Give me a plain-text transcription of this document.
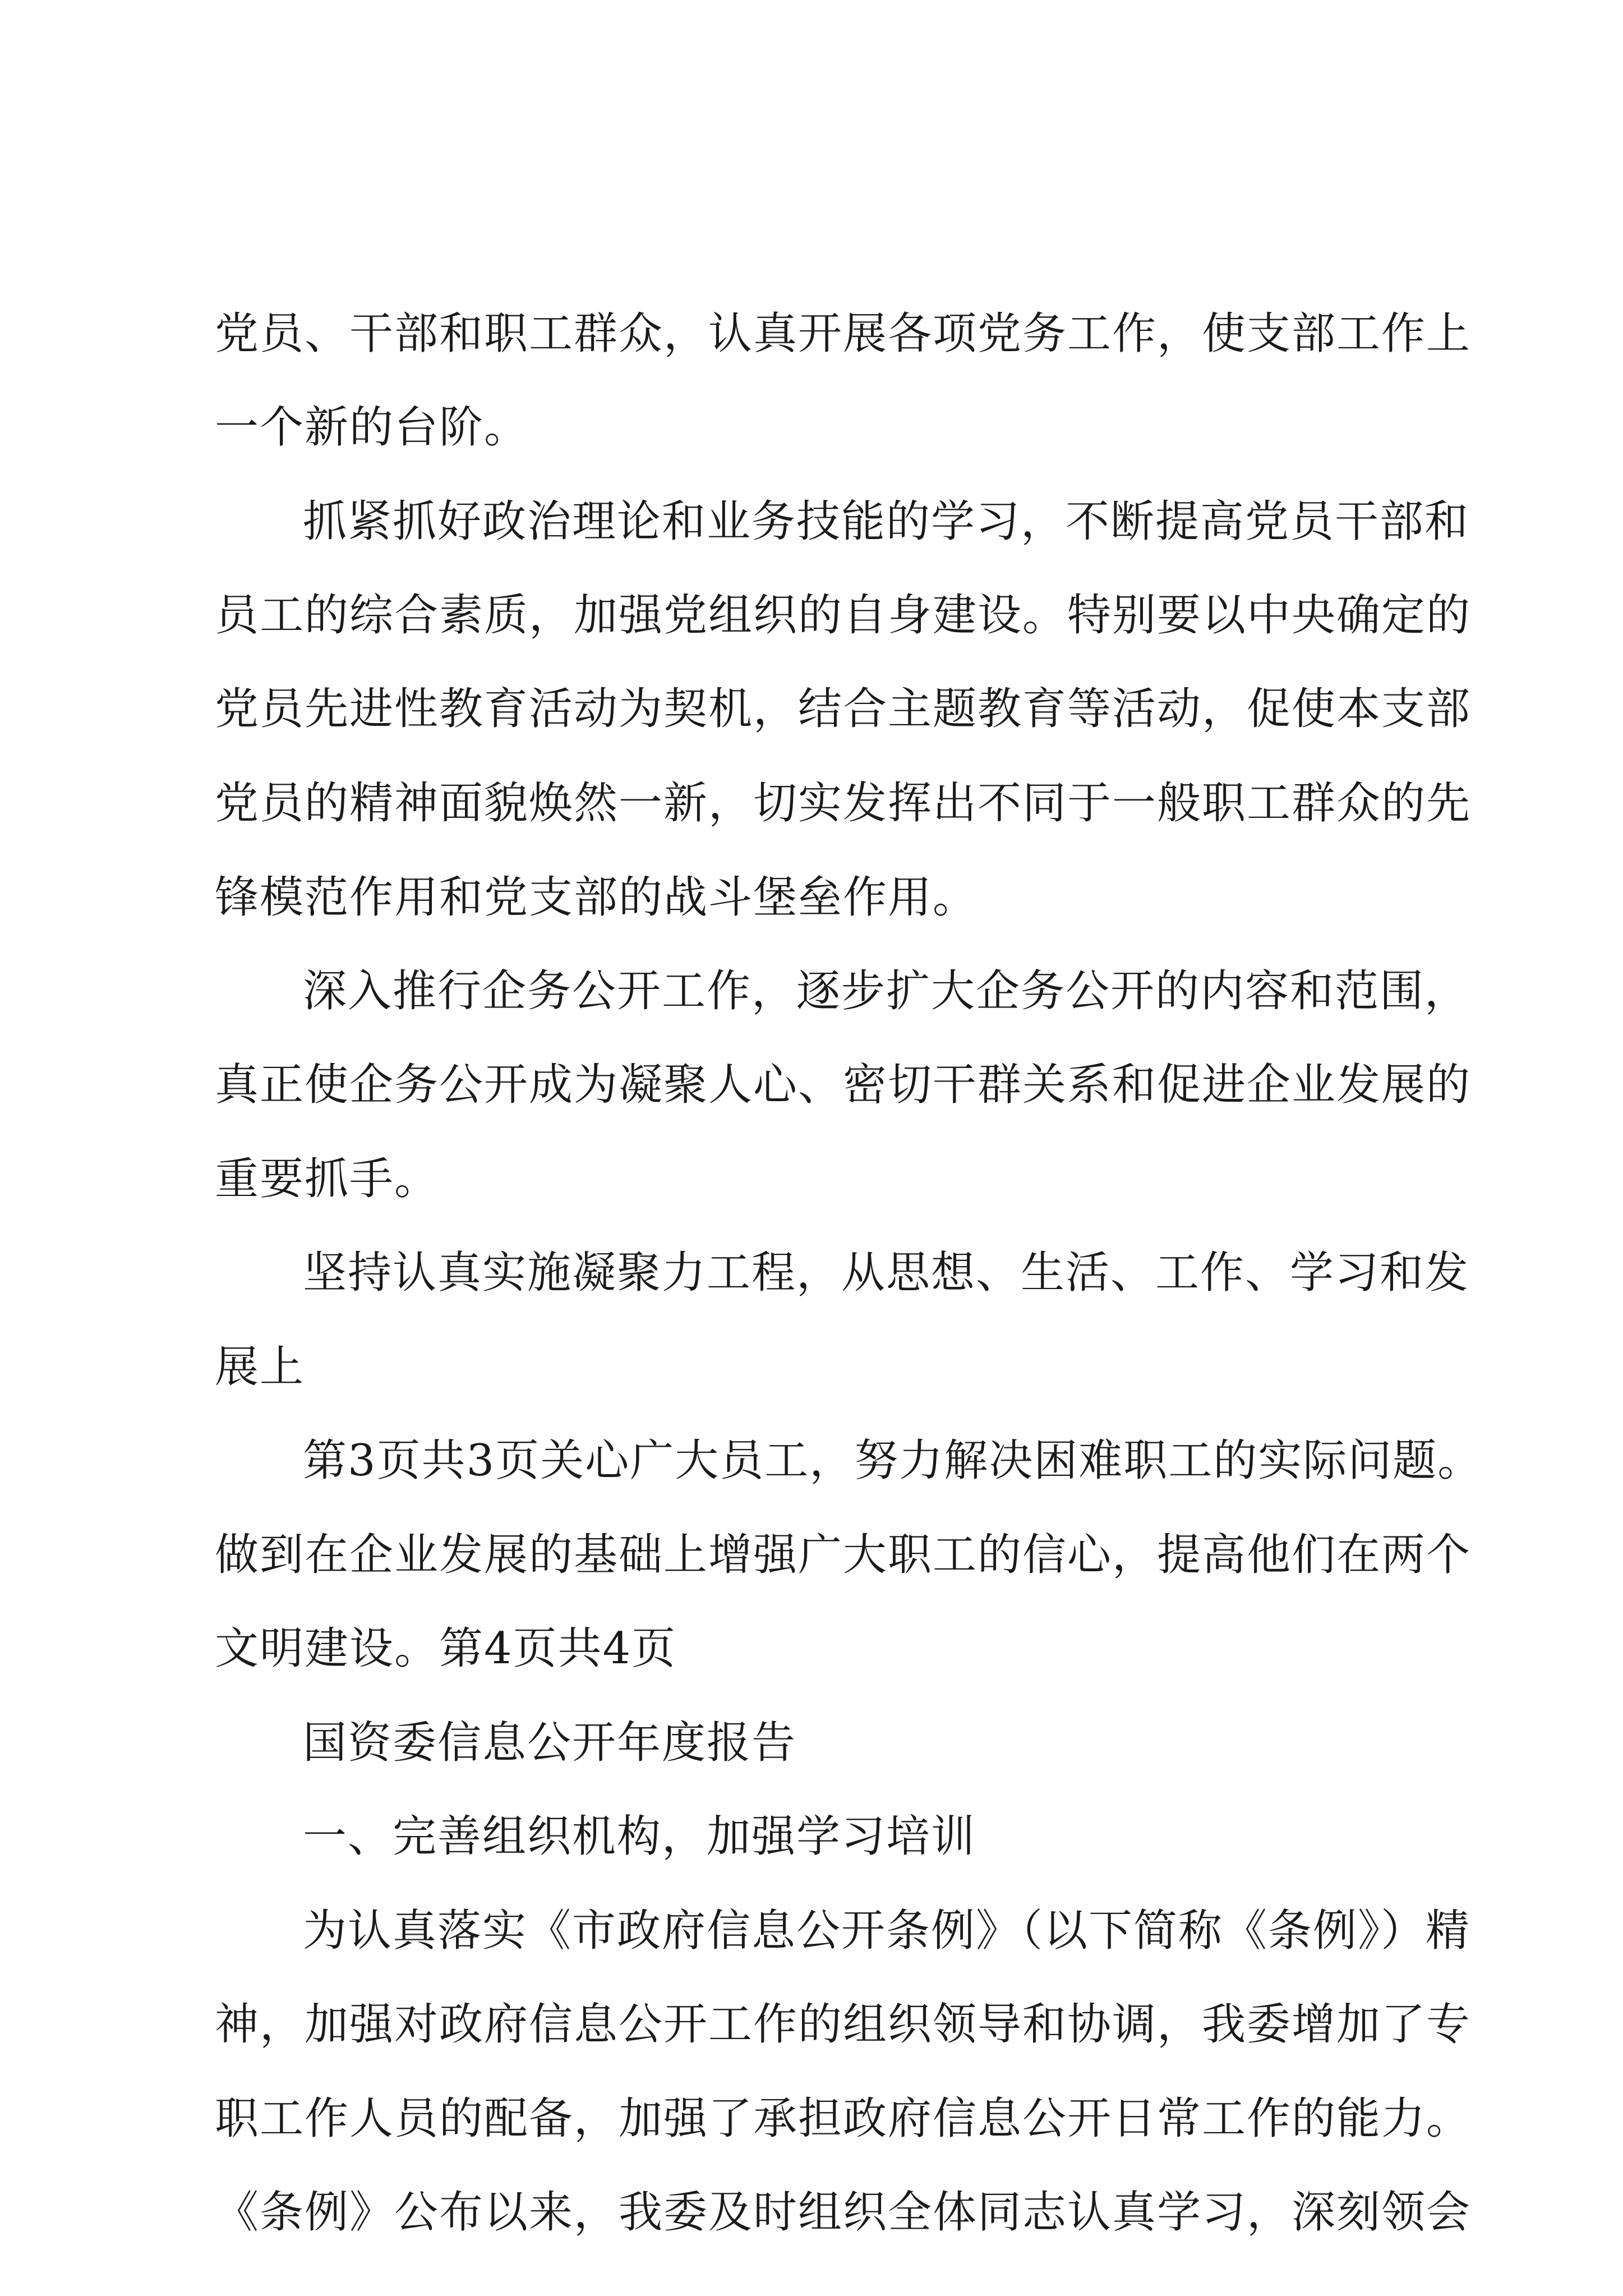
党员、干部和职工群众，认真开展各项党务工作，使支部工作上
一个新的台阶。
抓紧抓好政治理论和业务技能的学习，不断提高党员干部和
员工的综合素质，加强党组织的自身建设。特别要以中央确定的
党员先进性教育活动为契机，结合主题教育等活动，促使本支部
党员的精神面貌焕然一新，切实发挥出不同于一般职工群众的先
锋模范作用和党支部的战斗堡垒作用。
深入推行企务公开工作，逐步扩大企务公开的内容和范围，
真正使企务公开成为凝聚人心、密切干群关系和促进企业发展的
重要抓手。
坚持认真实施凝聚力工程，从思想、生活、工作、学习和发
展上
第3页共3页关心广大员工，努力解决困难职工的实际问题。
做到在企业发展的基础上增强广大职工的信心，提高他们在两个
文明建设。第4页共4页
国资委信息公开年度报告
一、完善组织机构，加强学习培训
为认真落实《市政府信息公开条例》（以下简称《条例》）精
神，加强对政府信息公开工作的组织领导和协调，我委增加了专
职工作人员的配备，加强了承担政府信息公开日常工作的能力。
《条例》公布以来，我委及时组织全体同志认真学习，深刻领会
